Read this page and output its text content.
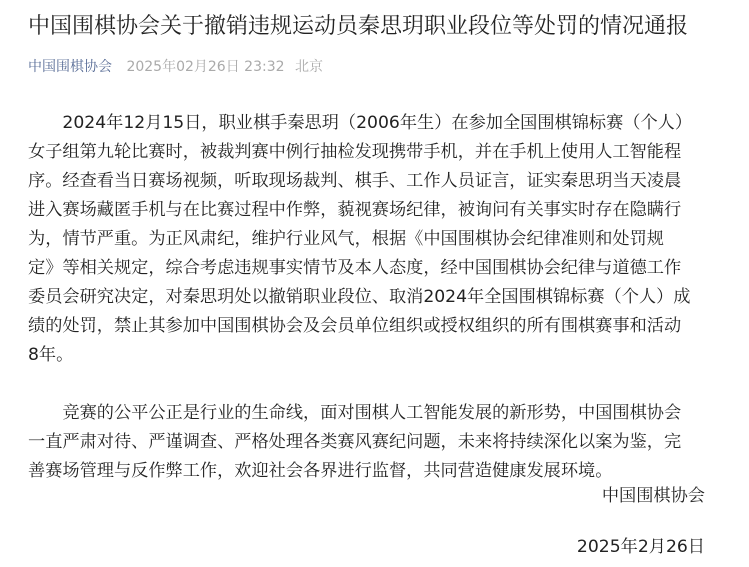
中国围棋协会关于撤销违规运动员秦思玥职业段位等处罚的情况通报
中国围棋协会 2025年02月26日 23:32 北京

2024年12月15日，职业棋手秦思玥（2006年生）在参加全国围棋锦标赛（个人）
女子组第九轮比赛时，被裁判赛中例行抽检发现携带手机，并在手机上使用人工智能程
序。经查看当日赛场视频，听取现场裁判、棋手、工作人员证言，证实秦思玥当天凌晨
进入赛场藏匿手机与在比赛过程中作弊，藐视赛场纪律，被询问有关事实时存在隐瞒行
为，情节严重。为正风肃纪，维护行业风气，根据《中国围棋协会纪律准则和处罚规
定》等相关规定，综合考虑违规事实情节及本人态度，经中国围棋协会纪律与道德工作
委员会研究决定，对秦思玥处以撤销职业段位、取消2024年全国围棋锦标赛（个人）成
绩的处罚，禁止其参加中国围棋协会及会员单位组织或授权组织的所有围棋赛事和活动
8年。

竞赛的公平公正是行业的生命线，面对围棋人工智能发展的新形势，中国围棋协会
一直严肃对待、严谨调查、严格处理各类赛风赛纪问题，未来将持续深化以案为鉴，完
善赛场管理与反作弊工作，欢迎社会各界进行监督，共同营造健康发展环境。

中国围棋协会
2025年2月26日
